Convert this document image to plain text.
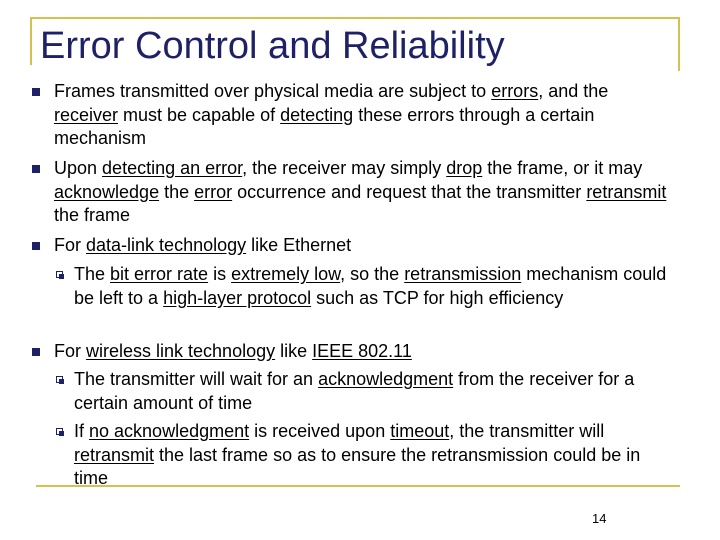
Error Control and Reliability

Frames transmitted over physical media are subject to errors, and the receiver must be capable of detecting these errors through a certain mechanism

Upon detecting an error, the receiver may simply drop the frame, or it may acknowledge the error occurrence and request that the transmitter retransmit the frame

For data-link technology like Ethernet

The bit error rate is extremely low, so the retransmission mechanism could be left to a high-layer protocol such as TCP for high efficiency

For wireless link technology like IEEE 802.11

The transmitter will wait for an acknowledgment from the receiver for a certain amount of time

If no acknowledgment is received upon timeout, the transmitter will retransmit the last frame so as to ensure the retransmission could be in time

14
